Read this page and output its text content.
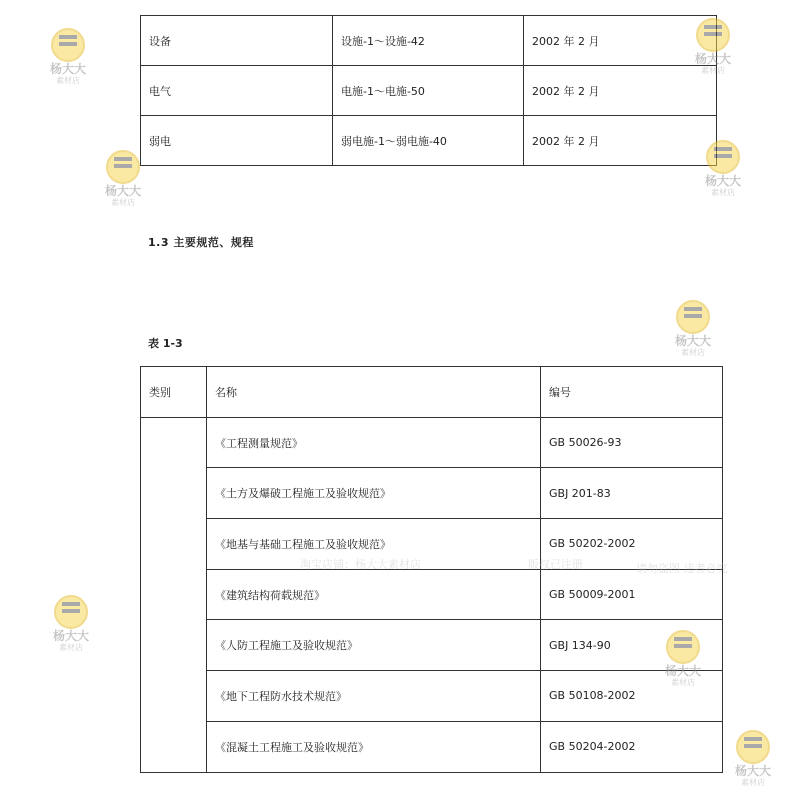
设备	设施-1～设施-42	2002 年 2 月
电气	电施-1～电施-50	2002 年 2 月
弱电	弱电施-1～弱电施-40	2002 年 2 月
1.3 主要规范、规程
表 1-3
类别	名称	编号
	《工程测量规范》	GB 50026-93
	《土方及爆破工程施工及验收规范》	GBJ 201-83
	《地基与基础工程施工及验收规范》	GB 50202-2002
	《建筑结构荷载规范》	GB 50009-2001
	《人防工程施工及验收规范》	GBJ 134-90
	《地下工程防水技术规范》	GB 50108-2002
	《混凝土工程施工及验收规范》	GB 50204-2002
杨大大
素材店
杨大大
素材店
杨大大
素材店
杨大大
素材店
杨大大
素材店
杨大大
素材店
杨大大
素材店
杨大大
素材店
淘宝店铺：杨大大素材店	版权已注册	请勿盗图 违者必究
